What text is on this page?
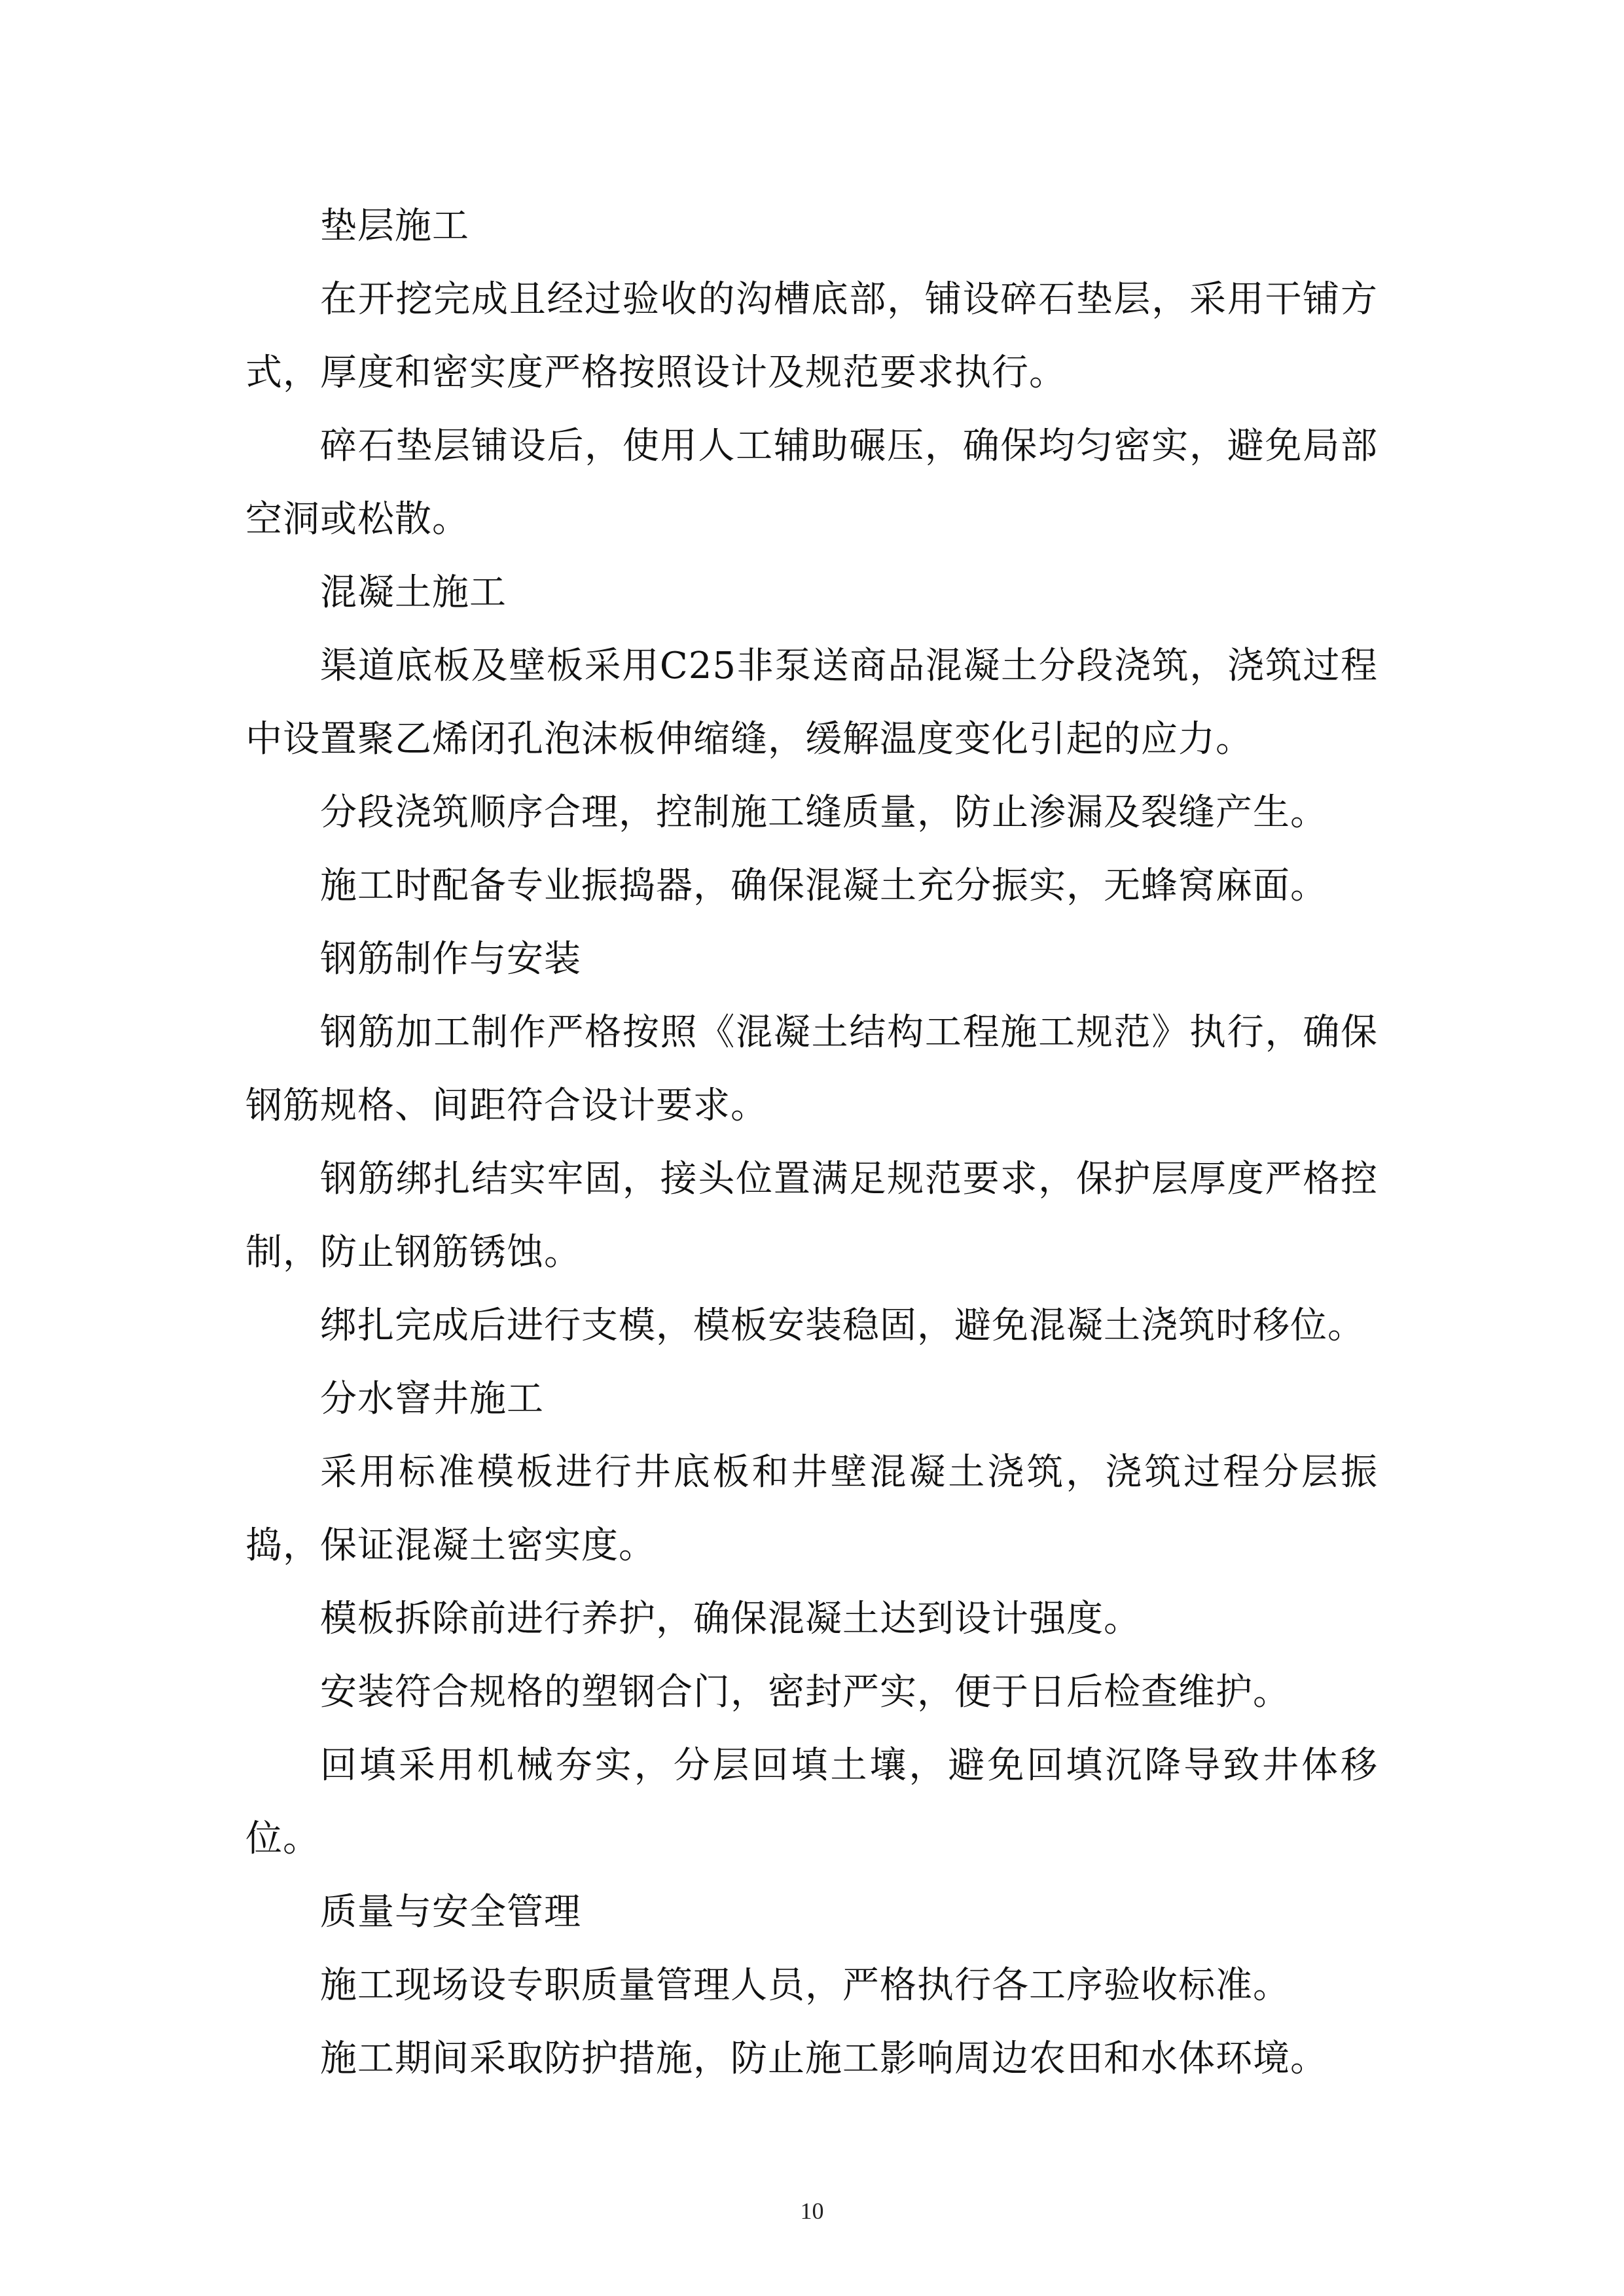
垫层施工

在开挖完成且经过验收的沟槽底部，铺设碎石垫层，采用干铺方式，厚度和密实度严格按照设计及规范要求执行。

碎石垫层铺设后，使用人工辅助碾压，确保均匀密实，避免局部空洞或松散。

混凝土施工

渠道底板及壁板采用C25非泵送商品混凝土分段浇筑，浇筑过程中设置聚乙烯闭孔泡沫板伸缩缝，缓解温度变化引起的应力。

分段浇筑顺序合理，控制施工缝质量，防止渗漏及裂缝产生。

施工时配备专业振捣器，确保混凝土充分振实，无蜂窝麻面。

钢筋制作与安装

钢筋加工制作严格按照《混凝土结构工程施工规范》执行，确保钢筋规格、间距符合设计要求。

钢筋绑扎结实牢固，接头位置满足规范要求，保护层厚度严格控制，防止钢筋锈蚀。

绑扎完成后进行支模，模板安装稳固，避免混凝土浇筑时移位。

分水窨井施工

采用标准模板进行井底板和井壁混凝土浇筑，浇筑过程分层振捣，保证混凝土密实度。

模板拆除前进行养护，确保混凝土达到设计强度。

安装符合规格的塑钢合门，密封严实，便于日后检查维护。

回填采用机械夯实，分层回填土壤，避免回填沉降导致井体移位。

质量与安全管理

施工现场设专职质量管理人员，严格执行各工序验收标准。

施工期间采取防护措施，防止施工影响周边农田和水体环境。

10
